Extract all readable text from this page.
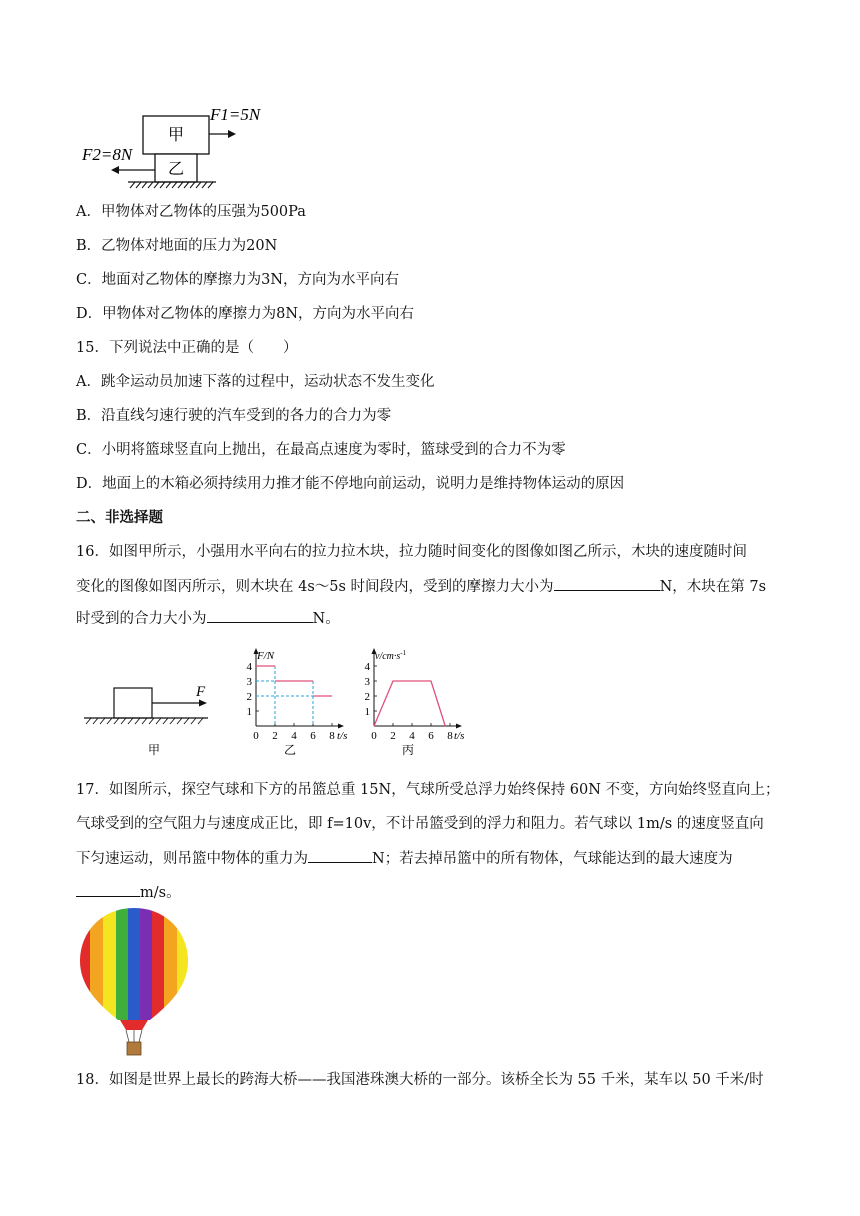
甲
乙
F1=5N
F2=8N
A．甲物体对乙物体的压强为500Pa
B．乙物体对地面的压力为20N
C．地面对乙物体的摩擦力为3N，方向为水平向右
D．甲物体对乙物体的摩擦力为8N，方向为水平向右
15．下列说法中正确的是（　　）
A．跳伞运动员加速下落的过程中，运动状态不发生变化
B．沿直线匀速行驶的汽车受到的各力的合力为零
C．小明将篮球竖直向上抛出，在最高点速度为零时，篮球受到的合力不为零
D．地面上的木箱必须持续用力推才能不停地向前运动，说明力是维持物体运动的原因
二、非选择题
16．如图甲所示，小强用水平向右的拉力拉木块，拉力随时间变化的图像如图乙所示，木块的速度随时间
变化的图像如图丙所示，则木块在 4s～5s 时间段内，受到的摩擦力大小为	N，木块在第 7s
时受到的合力大小为	N。
F
甲
F/N
t/s
乙
0 2 4 6 8
1
2
3
4
$v/cm\cdot s^{-1}$
t/s
丙
0 2 4 6 8
1
2
3
4
17．如图所示，探空气球和下方的吊篮总重 15N，气球所受总浮力始终保持 60N 不变，方向始终竖直向上；
气球受到的空气阻力与速度成正比，即 f=10v，不计吊篮受到的浮力和阻力。若气球以 1m/s 的速度竖直向
下匀速运动，则吊篮中物体的重力为	N；若去掉吊篮中的所有物体，气球能达到的最大速度为
m/s。
18．如图是世界上最长的跨海大桥——我国港珠澳大桥的一部分。该桥全长为 55 千米，某车以 50 千米/时
